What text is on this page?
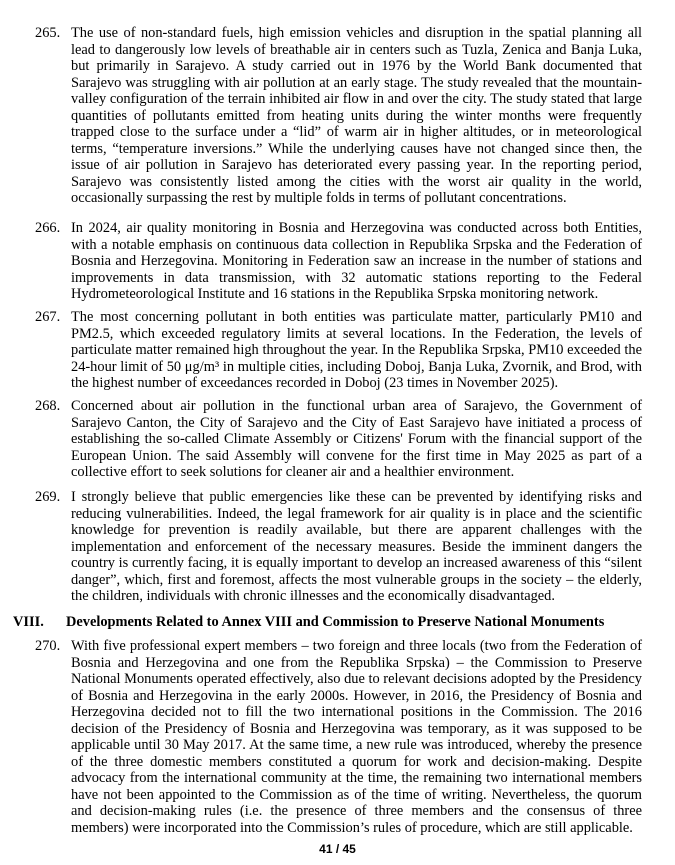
265. The use of non-standard fuels, high emission vehicles and disruption in the spatial planning all lead to dangerously low levels of breathable air in centers such as Tuzla, Zenica and Banja Luka, but primarily in Sarajevo. A study carried out in 1976 by the World Bank documented that Sarajevo was struggling with air pollution at an early stage. The study revealed that the mountain-valley configuration of the terrain inhibited air flow in and over the city. The study stated that large quantities of pollutants emitted from heating units during the winter months were frequently trapped close to the surface under a “lid” of warm air in higher altitudes, or in meteorological terms, “temperature inversions.” While the underlying causes have not changed since then, the issue of air pollution in Sarajevo has deteriorated every passing year. In the reporting period, Sarajevo was consistently listed among the cities with the worst air quality in the world, occasionally surpassing the rest by multiple folds in terms of pollutant concentrations.
266. In 2024, air quality monitoring in Bosnia and Herzegovina was conducted across both Entities, with a notable emphasis on continuous data collection in Republika Srpska and the Federation of Bosnia and Herzegovina. Monitoring in Federation saw an increase in the number of stations and improvements in data transmission, with 32 automatic stations reporting to the Federal Hydrometeorological Institute and 16 stations in the Republika Srpska monitoring network.
267. The most concerning pollutant in both entities was particulate matter, particularly PM10 and PM2.5, which exceeded regulatory limits at several locations. In the Federation, the levels of particulate matter remained high throughout the year. In the Republika Srpska, PM10 exceeded the 24-hour limit of 50 μg/m³ in multiple cities, including Doboj, Banja Luka, Zvornik, and Brod, with the highest number of exceedances recorded in Doboj (23 times in November 2025).
268. Concerned about air pollution in the functional urban area of Sarajevo, the Government of Sarajevo Canton, the City of Sarajevo and the City of East Sarajevo have initiated a process of establishing the so-called Climate Assembly or Citizens' Forum with the financial support of the European Union. The said Assembly will convene for the first time in May 2025 as part of a collective effort to seek solutions for cleaner air and a healthier environment.
269. I strongly believe that public emergencies like these can be prevented by identifying risks and reducing vulnerabilities. Indeed, the legal framework for air quality is in place and the scientific knowledge for prevention is readily available, but there are apparent challenges with the implementation and enforcement of the necessary measures. Beside the imminent dangers the country is currently facing, it is equally important to develop an increased awareness of this “silent danger”, which, first and foremost, affects the most vulnerable groups in the society – the elderly, the children, individuals with chronic illnesses and the economically disadvantaged.
VIII. Developments Related to Annex VIII and Commission to Preserve National Monuments
270. With five professional expert members – two foreign and three locals (two from the Federation of Bosnia and Herzegovina and one from the Republika Srpska) – the Commission to Preserve National Monuments operated effectively, also due to relevant decisions adopted by the Presidency of Bosnia and Herzegovina in the early 2000s. However, in 2016, the Presidency of Bosnia and Herzegovina decided not to fill the two international positions in the Commission. The 2016 decision of the Presidency of Bosnia and Herzegovina was temporary, as it was supposed to be applicable until 30 May 2017. At the same time, a new rule was introduced, whereby the presence of the three domestic members constituted a quorum for work and decision-making. Despite advocacy from the international community at the time, the remaining two international members have not been appointed to the Commission as of the time of writing. Nevertheless, the quorum and decision-making rules (i.e. the presence of three members and the consensus of three members) were incorporated into the Commission’s rules of procedure, which are still applicable.
41 / 45
